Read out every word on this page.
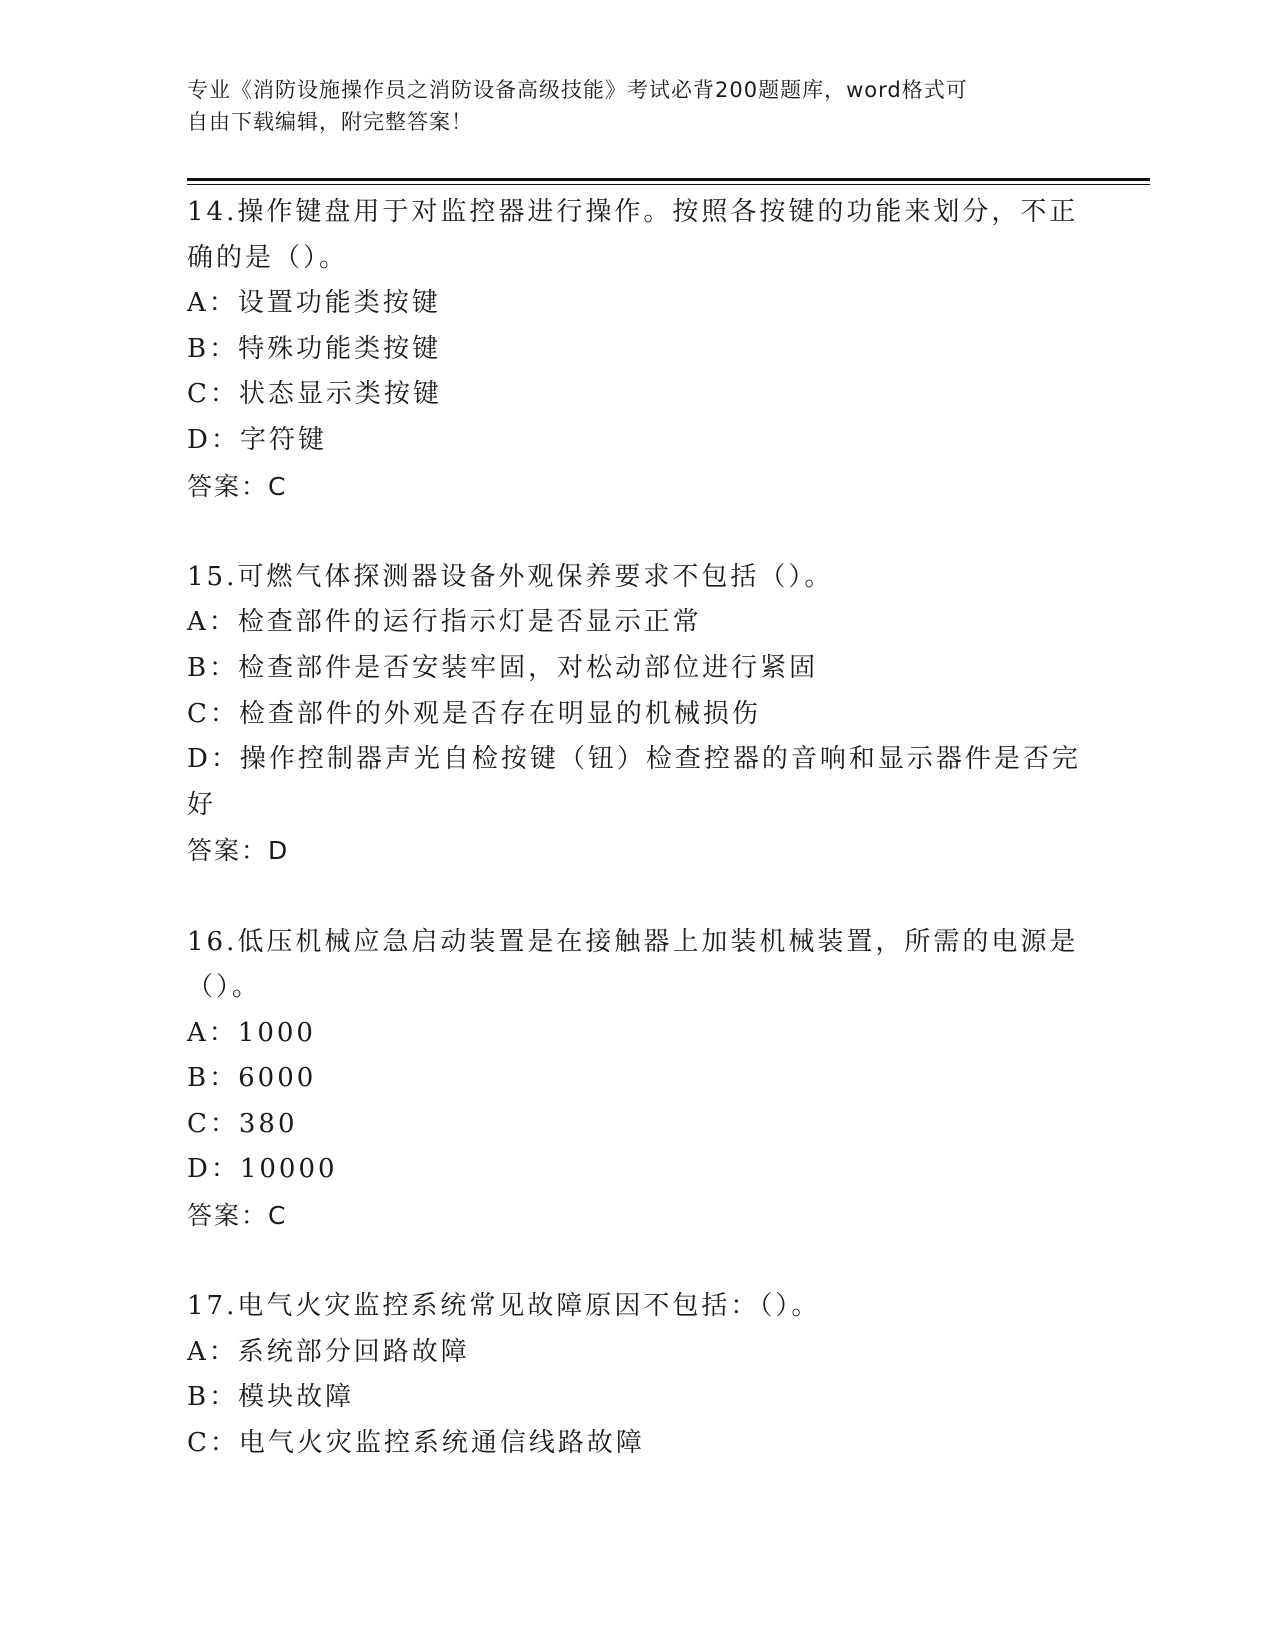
专业《消防设施操作员之消防设备高级技能》考试必背200题题库，word格式可
自由下载编辑，附完整答案！
14.操作键盘用于对监控器进行操作。按照各按键的功能来划分，不正
确的是（）。
A：设置功能类按键
B：特殊功能类按键
C：状态显示类按键
D：字符键
答案：C
15.可燃气体探测器设备外观保养要求不包括（）。
A：检查部件的运行指示灯是否显示正常
B：检查部件是否安装牢固，对松动部位进行紧固
C：检查部件的外观是否存在明显的机械损伤
D：操作控制器声光自检按键（钮）检查控器的音响和显示器件是否完
好
答案：D
16.低压机械应急启动装置是在接触器上加装机械装置，所需的电源是
（）。
A：1000
B：6000
C：380
D：10000
答案：C
17.电气火灾监控系统常见故障原因不包括：（）。
A：系统部分回路故障
B：模块故障
C：电气火灾监控系统通信线路故障
